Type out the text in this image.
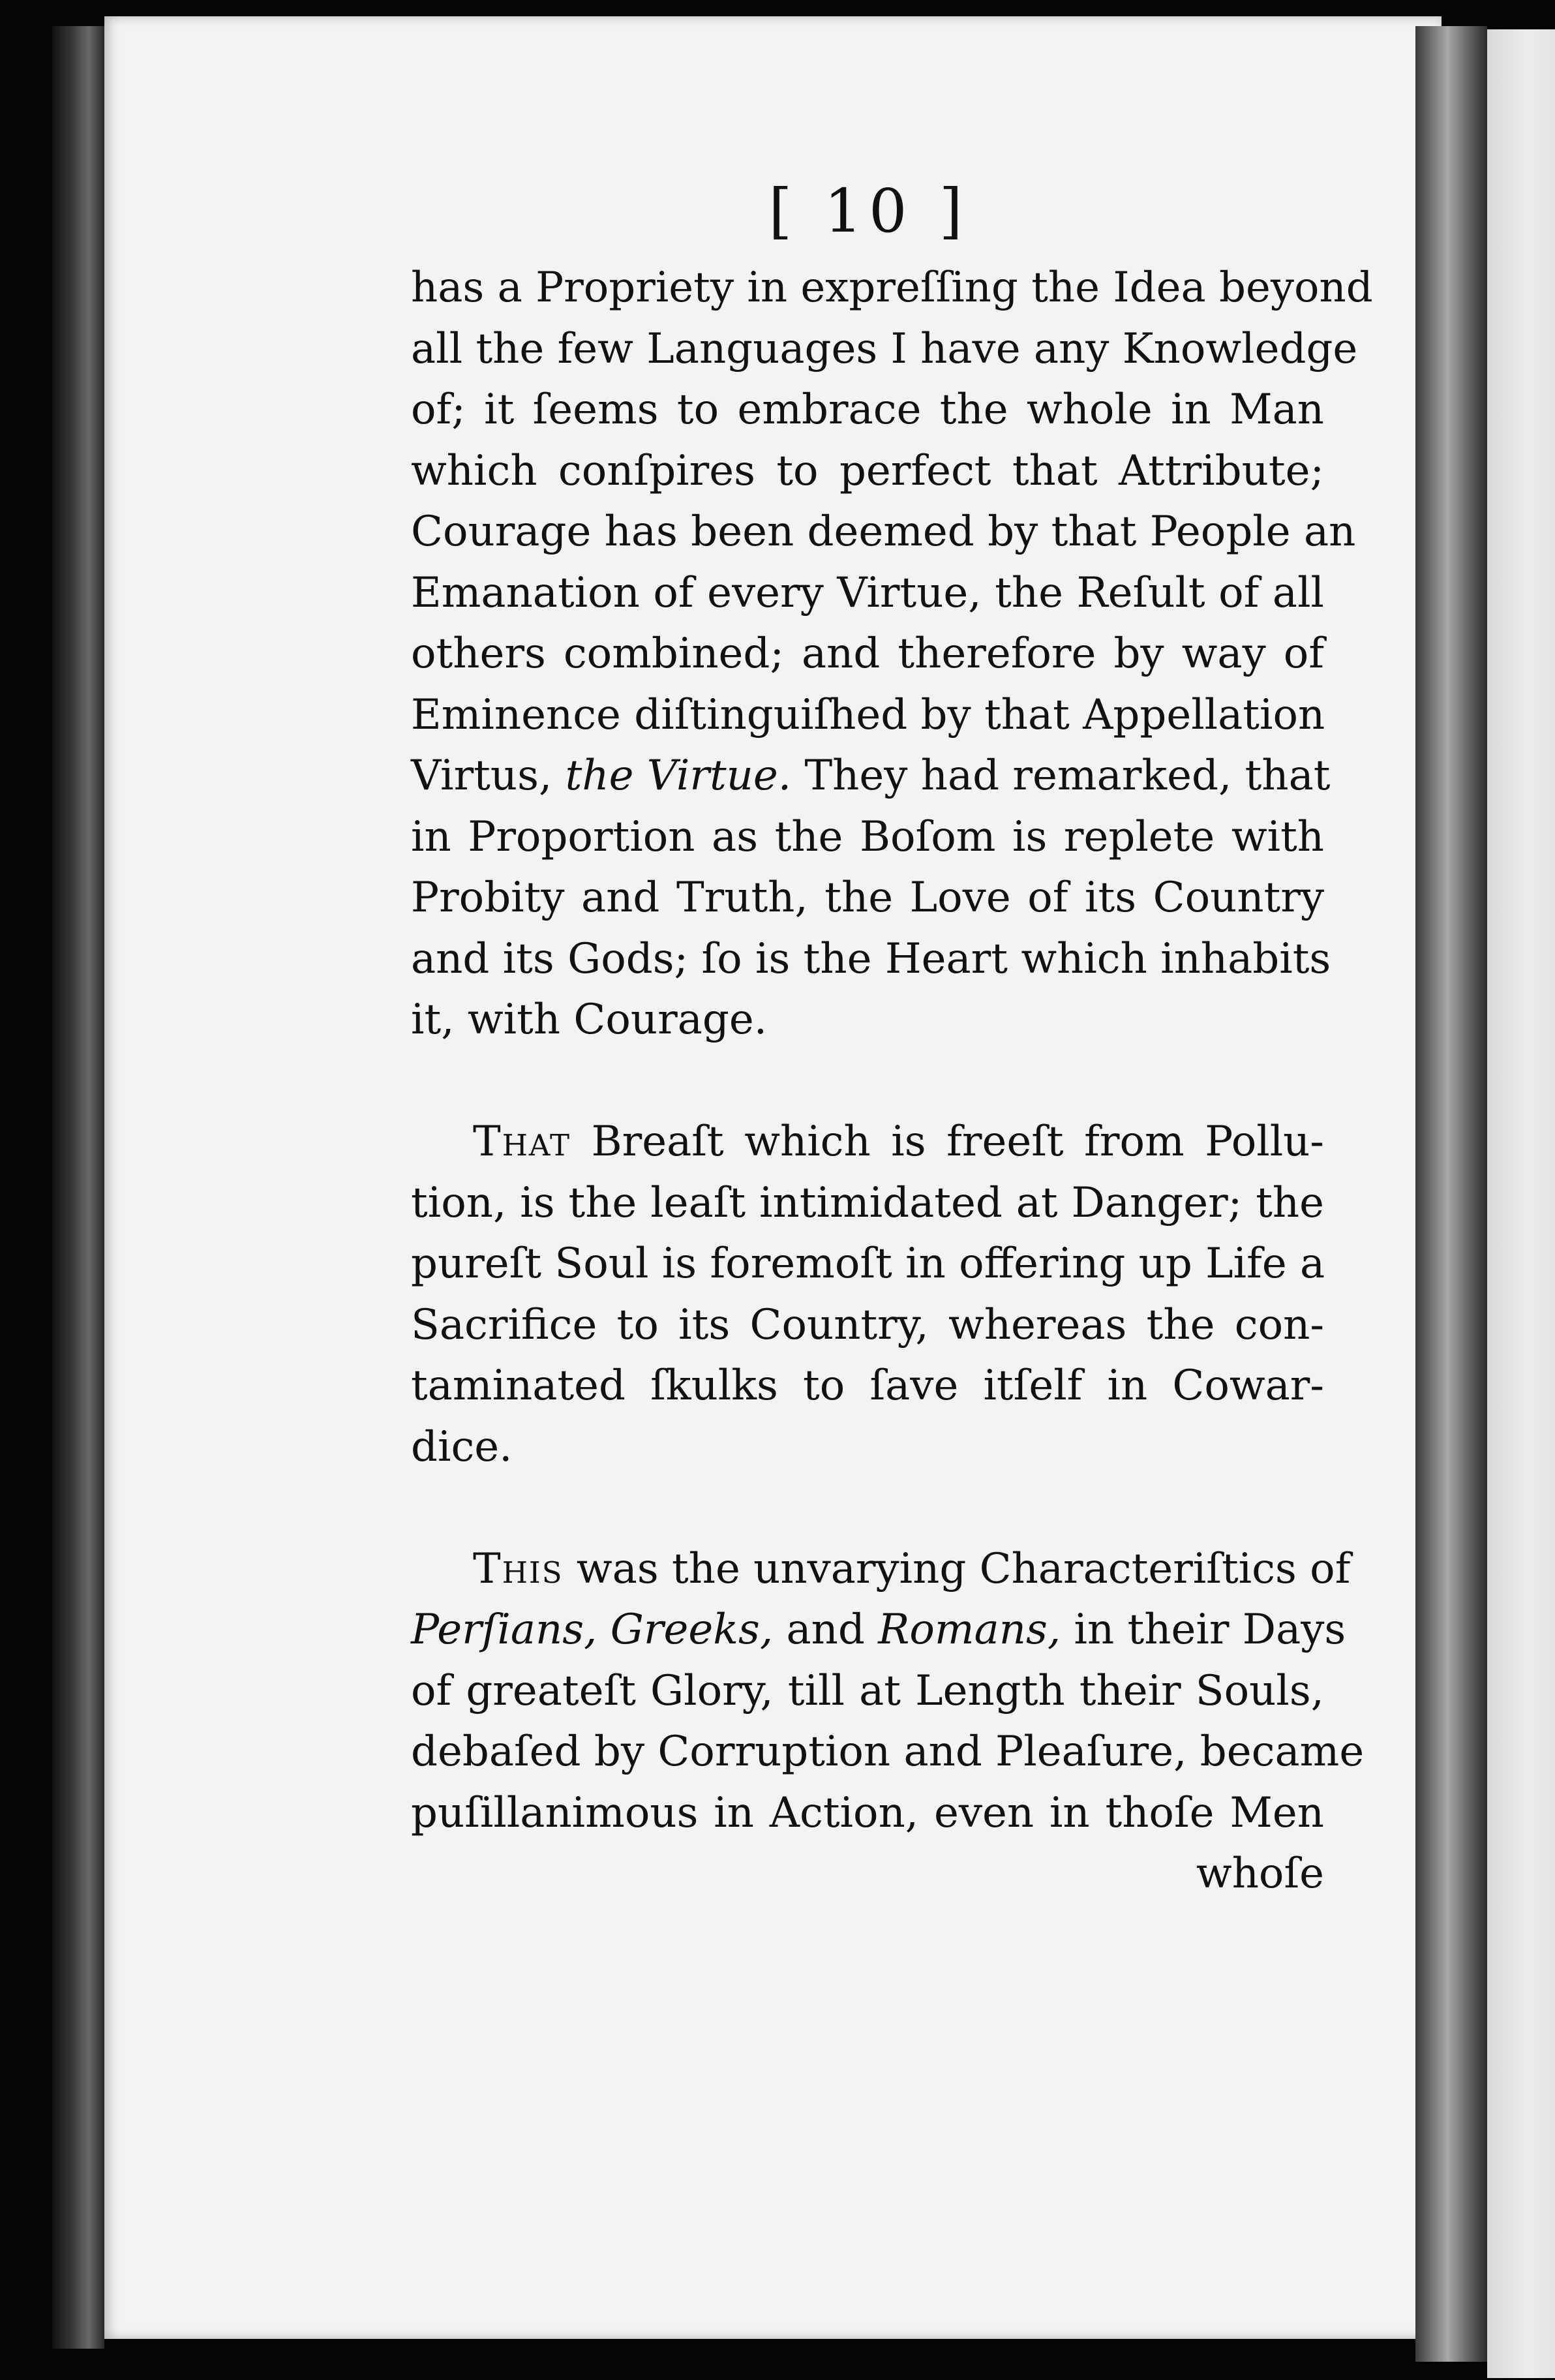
[ 10 ]
has a Propriety in expreſſing the Idea beyond
all the few Languages I have any Knowledge
of; it ſeems to embrace the whole in Man
which conſpires to perfect that Attribute;
Courage has been deemed by that People an
Emanation of every Virtue, the Reſult of all
others combined; and therefore by way of
Eminence diſtinguiſhed by that Appellation
Virtus, the Virtue. They had remarked, that
in Proportion as the Boſom is replete with
Probity and Truth, the Love of its Country
and its Gods; ſo is the Heart which inhabits
it, with Courage.
That Breaſt which is freeſt from Pollu-
tion, is the leaſt intimidated at Danger; the
pureſt Soul is foremoſt in offering up Life a
Sacrifice to its Country, whereas the con-
taminated ſkulks to ſave itſelf in Cowar-
dice.
This was the unvarying Characteriſtics of
Perſians, Greeks, and Romans, in their Days
of greateſt Glory, till at Length their Souls,
debaſed by Corruption and Pleaſure, became
puſillanimous in Action, even in thoſe Men
whoſe
